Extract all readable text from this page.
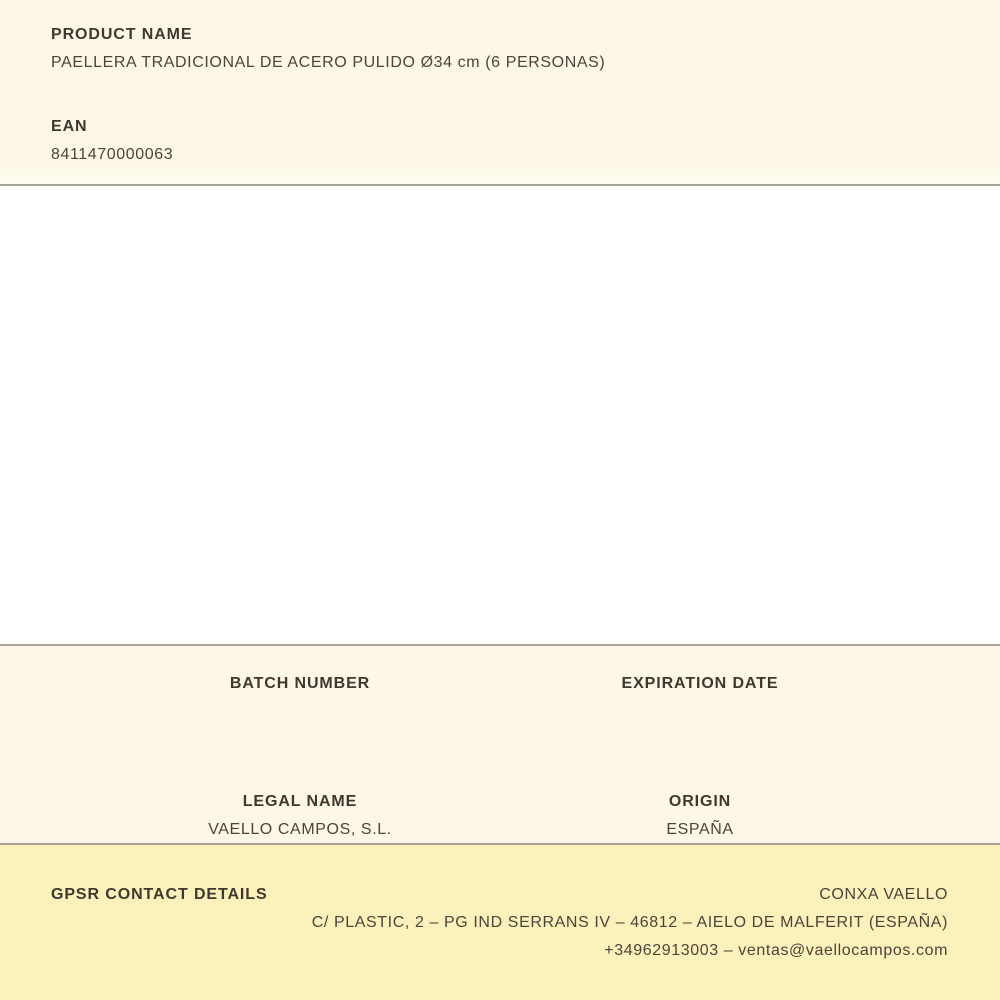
PRODUCT NAME
PAELLERA TRADICIONAL DE ACERO PULIDO Ø34 cm (6 PERSONAS)
EAN
8411470000063
BATCH NUMBER	EXPIRATION DATE
LEGAL NAME
VAELLO CAMPOS, S.L.
ORIGIN
ESPAÑA
GPSR CONTACT DETAILS	CONXA VAELLO
C/ PLASTIC, 2 – PG IND SERRANS IV – 46812 – AIELO DE MALFERIT (ESPAÑA)
+34962913003 – ventas@vaellocampos.com
